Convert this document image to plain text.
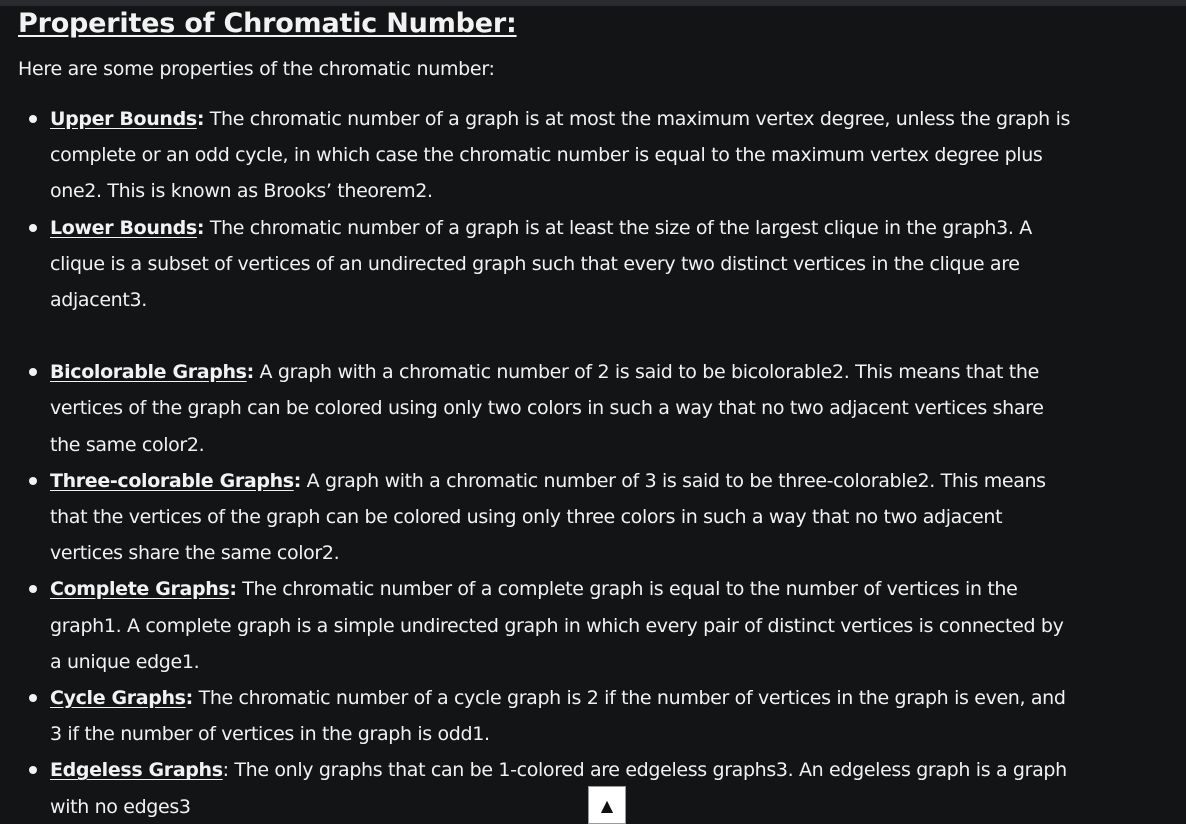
Properites of Chromatic Number:

Here are some properties of the chromatic number:

Upper Bounds: The chromatic number of a graph is at most the maximum vertex degree, unless the graph is complete or an odd cycle, in which case the chromatic number is equal to the maximum vertex degree plus one2. This is known as Brooks’ theorem2.
Lower Bounds: The chromatic number of a graph is at least the size of the largest clique in the graph3. A clique is a subset of vertices of an undirected graph such that every two distinct vertices in the clique are adjacent3.
Bicolorable Graphs: A graph with a chromatic number of 2 is said to be bicolorable2. This means that the vertices of the graph can be colored using only two colors in such a way that no two adjacent vertices share the same color2.
Three-colorable Graphs: A graph with a chromatic number of 3 is said to be three-colorable2. This means that the vertices of the graph can be colored using only three colors in such a way that no two adjacent vertices share the same color2.
Complete Graphs: The chromatic number of a complete graph is equal to the number of vertices in the graph1. A complete graph is a simple undirected graph in which every pair of distinct vertices is connected by a unique edge1.
Cycle Graphs: The chromatic number of a cycle graph is 2 if the number of vertices in the graph is even, and 3 if the number of vertices in the graph is odd1.
Edgeless Graphs: The only graphs that can be 1-colored are edgeless graphs3. An edgeless graph is a graph with no edges3	▲
